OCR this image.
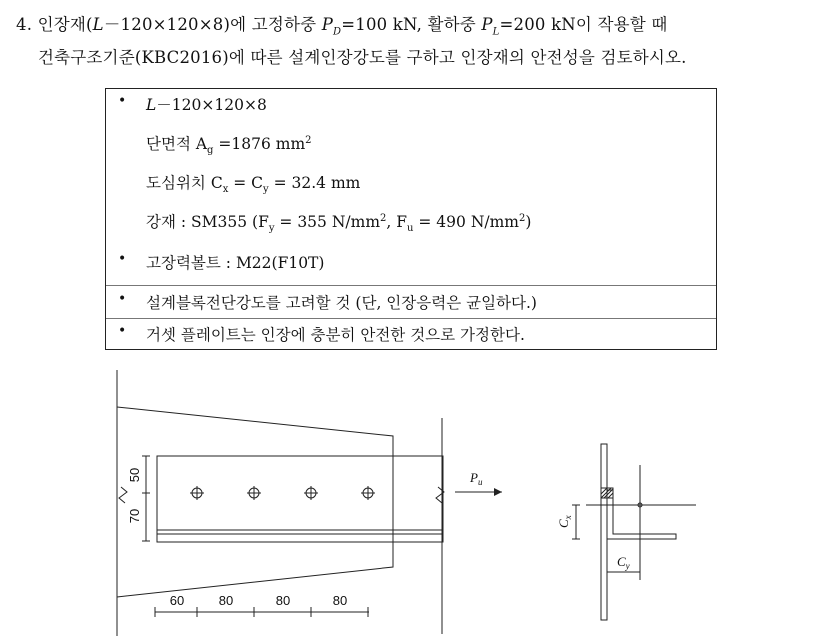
4. 인장재(L－120×120×8)에 고정하중 $P_D=100$ kN, 활하중 $P_L=200$ kN이 작용할 때
건축구조기준(KBC2016)에 따른 설계인장강도를 구하고 인장재의 안전성을 검토하시오.
• L－120×120×8
단면적 $A_g =1876$ $mm^2$
도심위치 $C_x = C_y = 32.4$ mm
강재 : SM355 ($F_y = 355$ $N/mm^2$, $F_u = 490$ $N/mm^2$)
• 고장력볼트 : M22(F10T)
• 설계블록전단강도를 고려할 것 (단, 인장응력은 균일하다.)
• 거셋 플레이트는 인장에 충분히 안전한 것으로 가정한다.
50
70
60	80	80	80
$P_u$
$C_x$
$C_y$
